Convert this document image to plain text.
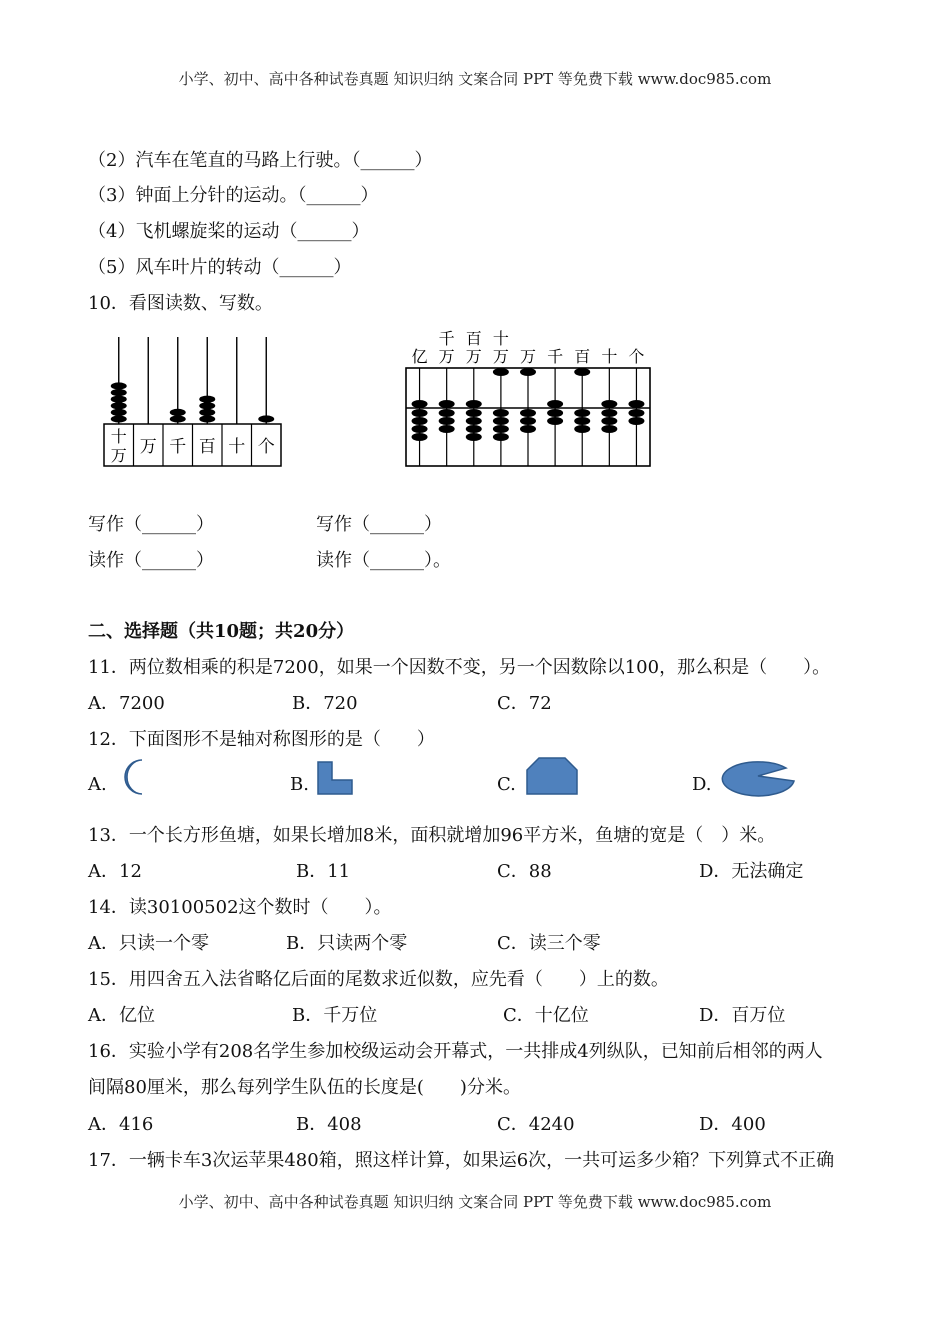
小学、初中、高中各种试卷真题 知识归纳 文案合同 PPT 等免费下载 www.doc985.com
（2）汽车在笔直的马路上行驶。（______）
（3）钟面上分针的运动。（______）
（4）飞机螺旋桨的运动（______）
（5）风车叶片的转动（______）
10．看图读数、写数。
十
万 万 千 百 十 个
亿
千
万
百
万
十
万 万 千 百 十 个
写作（______）	写作（______）
读作（______）	读作（______）。
二、选择题（共10题；共20分）
11．两位数相乘的积是7200，如果一个因数不变，另一个因数除以100，那么积是（　　）。
A．7200	B．720	C．72
12．下面图形不是轴对称图形的是（　　）
A.	B.	C.	D.
13．一个长方形鱼塘，如果长增加8米，面积就增加96平方米，鱼塘的宽是（　）米。
A．12	B．11	C．88	D．无法确定
14．读30100502这个数时（　　）。
A．只读一个零	B．只读两个零	C．读三个零
15．用四舍五入法省略亿后面的尾数求近似数，应先看（　　）上的数。
A．亿位	B．千万位	C．十亿位	D．百万位
16．实验小学有208名学生参加校级运动会开幕式，一共排成4列纵队，已知前后相邻的两人
间隔80厘米，那么每列学生队伍的长度是(　　)分米。
A．416	B．408	C．4240	D．400
17．一辆卡车3次运苹果480箱，照这样计算，如果运6次，一共可运多少箱？下列算式不正确
小学、初中、高中各种试卷真题 知识归纳 文案合同 PPT 等免费下载 www.doc985.com
